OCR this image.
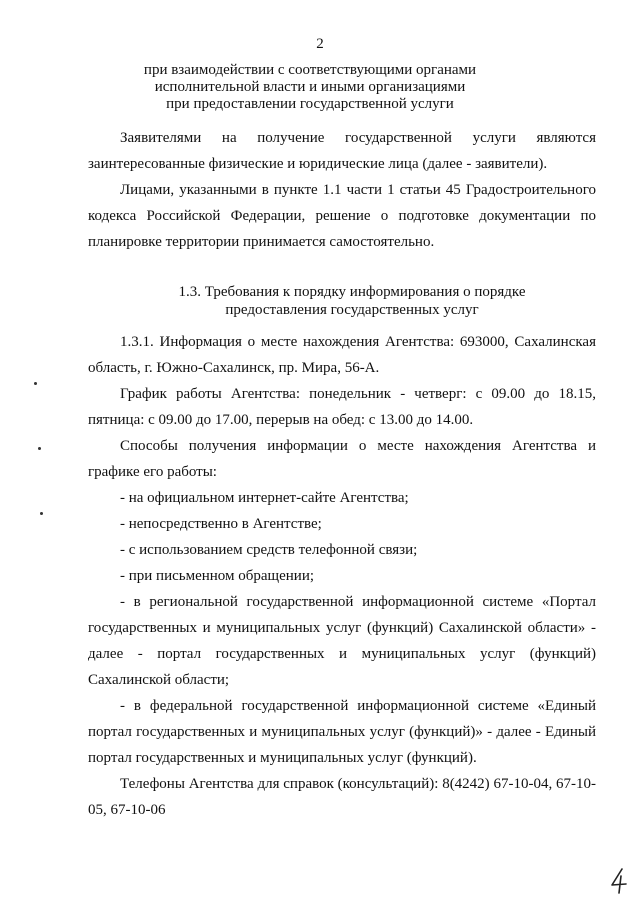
2
при взаимодействии с соответствующими органами
исполнительной власти и иными организациями
при предоставлении государственной услуги

Заявителями на получение государственной услуги являются заинтересованные физические и юридические лица (далее - заявители).

Лицами, указанными в пункте 1.1 части 1 статьи 45 Градостроительного кодекса Российской Федерации, решение о подготовке документации по планировке территории принимается самостоятельно.

1.3. Требования к порядку информирования о порядке
предоставления государственных услуг

1.3.1. Информация о месте нахождения Агентства: 693000, Сахалинская область, г. Южно-Сахалинск, пр. Мира, 56-А.

График работы Агентства: понедельник - четверг: с 09.00 до 18.15, пятница: с 09.00 до 17.00, перерыв на обед: с 13.00 до 14.00.

Способы получения информации о месте нахождения Агентства и графике его работы:

- на официальном интернет-сайте Агентства;

- непосредственно в Агентстве;

- с использованием средств телефонной связи;

- при письменном обращении;

- в региональной государственной информационной системе «Портал государственных и муниципальных услуг (функций) Сахалинской области» - далее - портал государственных и муниципальных услуг (функций) Сахалинской области;

- в федеральной государственной информационной системе «Единый портал государственных и муниципальных услуг (функций)» - далее - Единый портал государственных и муниципальных услуг (функций).

Телефоны Агентства для справок (консультаций): 8(4242) 67-10-04, 67-10-05, 67-10-06
